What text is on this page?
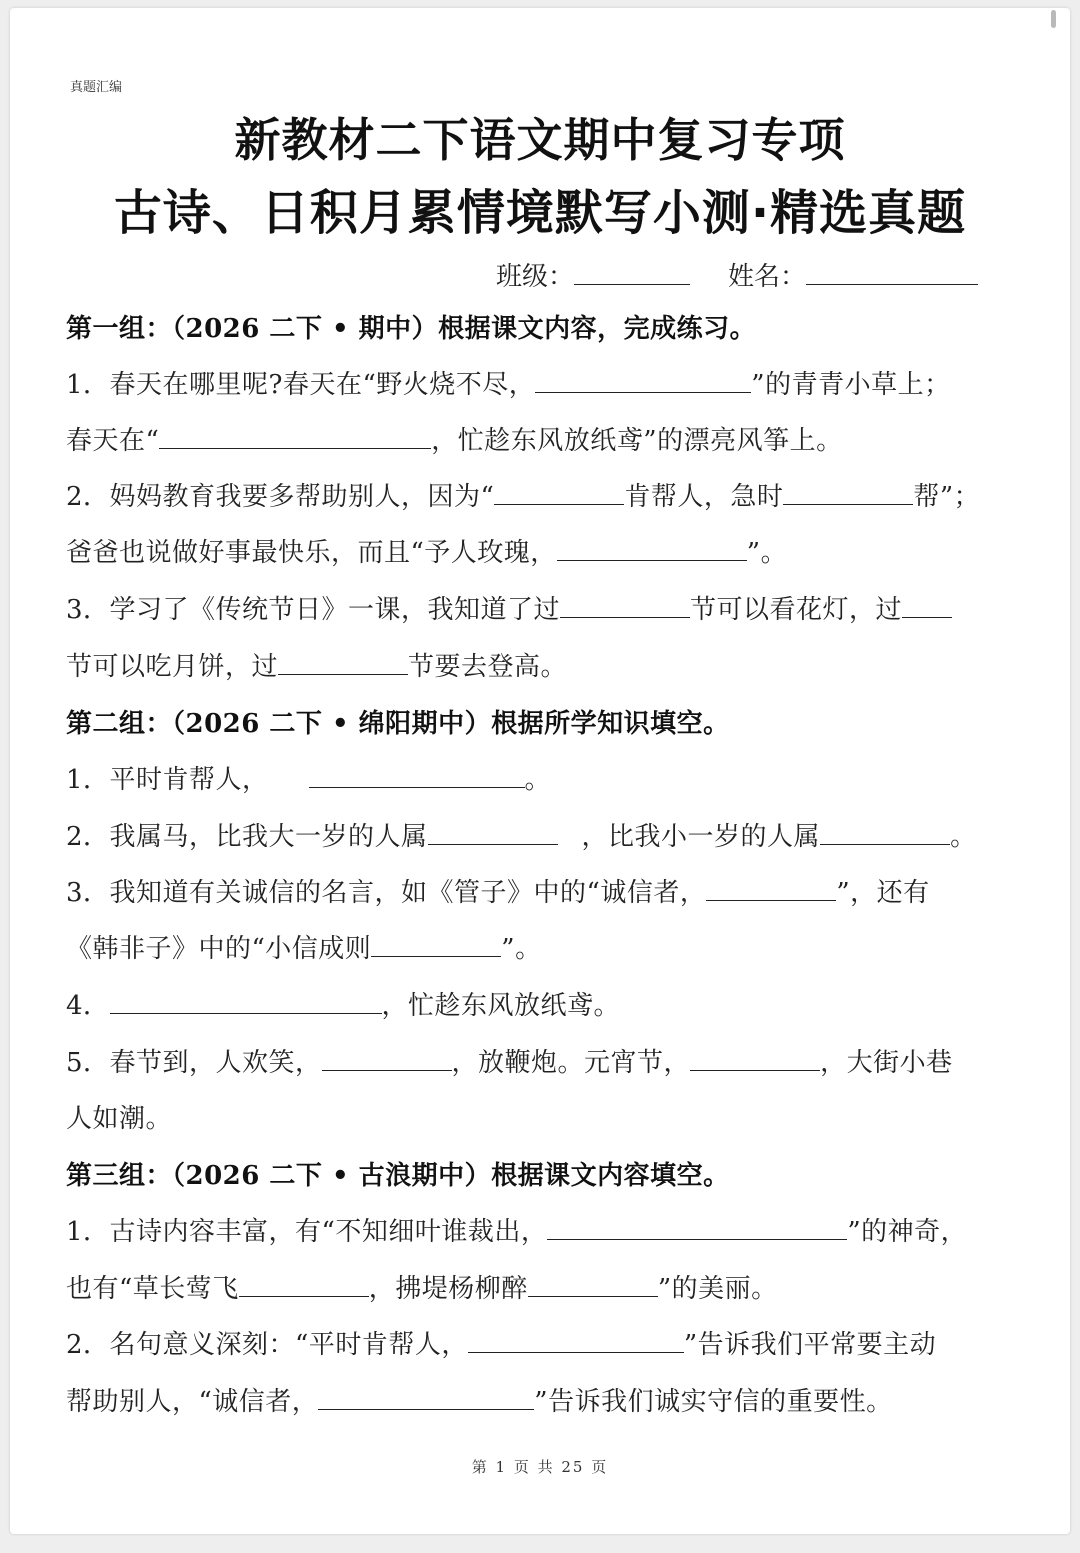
真题汇编
新教材二下语文期中复习专项
古诗、日积月累情境默写小测·精选真题
班级：	姓名：
第一组：（2026 二下 • 期中）根据课文内容，完成练习。
1．春天在哪里呢?春天在“野火烧不尽，	”的青青小草上；
春天在“	，忙趁东风放纸鸢”的漂亮风筝上。
2．妈妈教育我要多帮助别人，因为“	肯帮人，急时	帮”；
爸爸也说做好事最快乐，而且“予人玫瑰，	”。
3．学习了《传统节日》一课，我知道了过	节可以看花灯，过
节可以吃月饼，过	节要去登高。
第二组：（2026 二下 • 绵阳期中）根据所学知识填空。
1．平时肯帮人，	。
2．我属马，比我大一岁的人属	，比我小一岁的人属	。
3．我知道有关诚信的名言，如《管子》中的“诚信者，	”，还有
《韩非子》中的“小信成则	”。
4．	，忙趁东风放纸鸢。
5．春节到，人欢笑，	，放鞭炮。元宵节，	，大街小巷
人如潮。
第三组：（2026 二下 • 古浪期中）根据课文内容填空。
1．古诗内容丰富，有“不知细叶谁裁出，	”的神奇，
也有“草长莺飞	，拂堤杨柳醉	”的美丽。
2．名句意义深刻：“平时肯帮人，	”告诉我们平常要主动
帮助别人，“诚信者，	”告诉我们诚实守信的重要性。
第 1 页 共 25 页
